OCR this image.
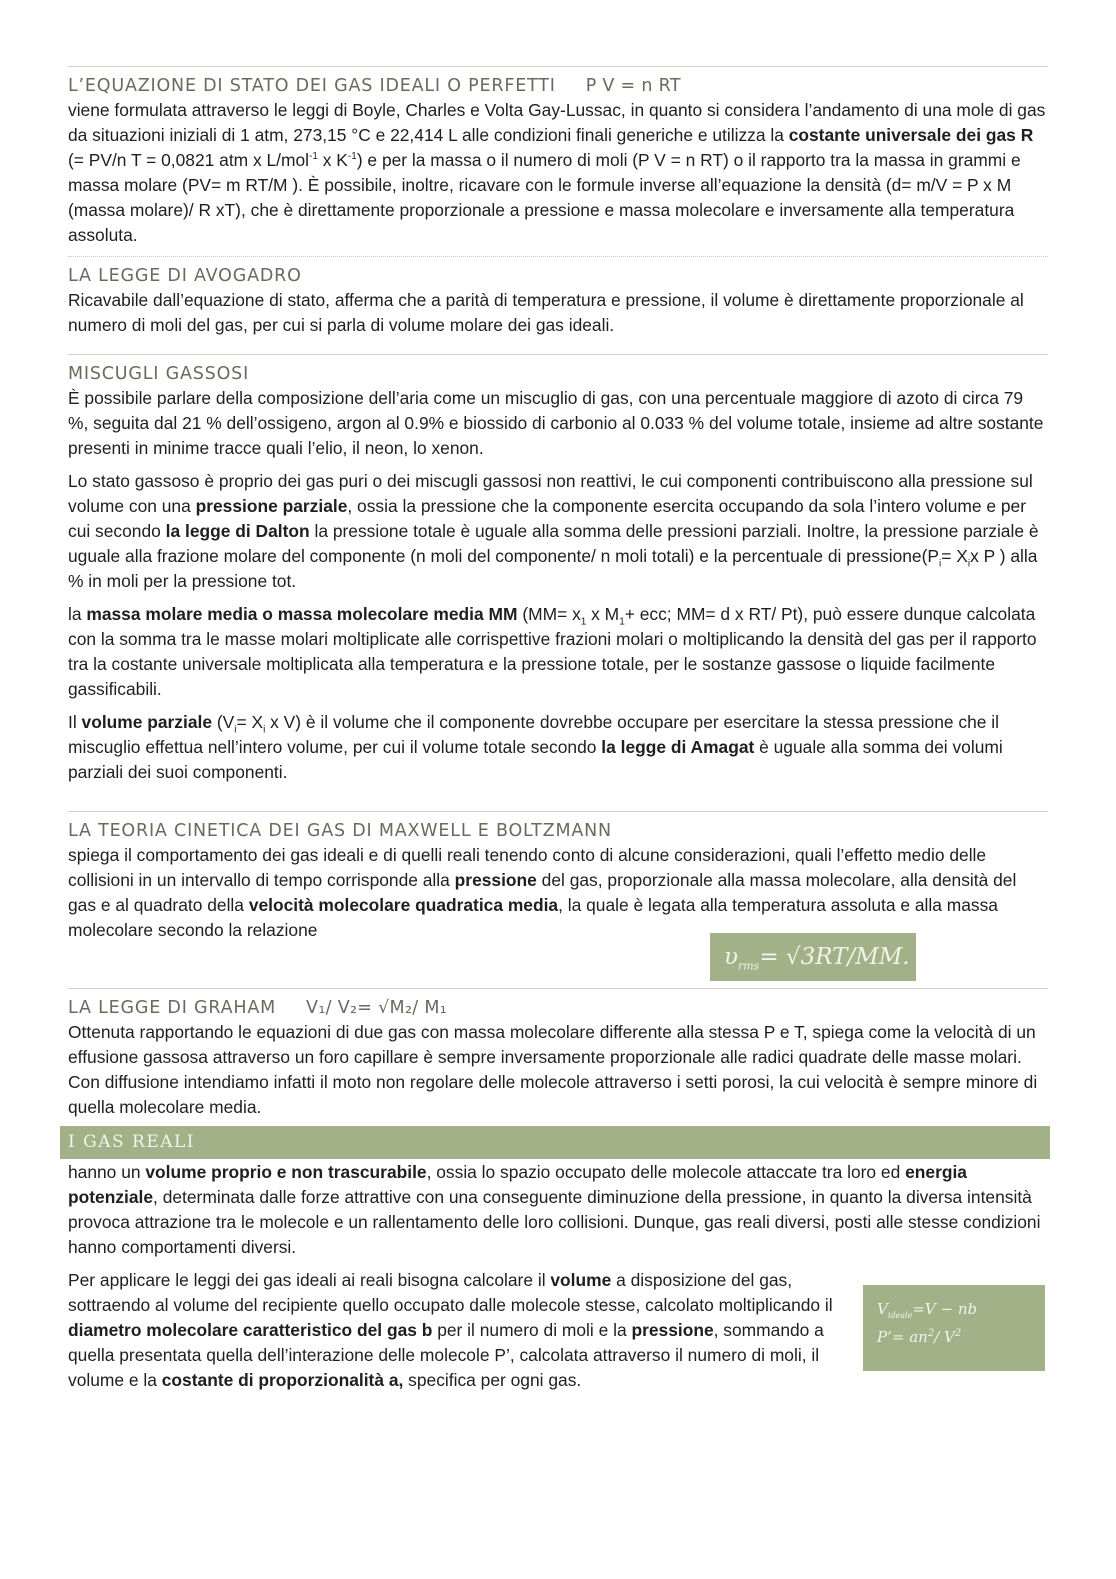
L’EQUAZIONE DI STATO DEI GAS IDEALI O PERFETTI P V = n RT

viene formulata attraverso le leggi di Boyle, Charles e Volta Gay-Lussac, in quanto si considera l’andamento di una mole di gas da situazioni iniziali di 1 atm, 273,15 °C e 22,414 L alle condizioni finali generiche e utilizza la costante universale dei gas R (= PV/n T = 0,0821 atm x L/mol$^{-1}$ x $K^{-1}$) e per la massa o il numero di moli (P V = n RT) o il rapporto tra la massa in grammi e massa molare (PV= m RT/M ). È possibile, inoltre, ricavare con le formule inverse all’equazione la densità (d= m/V = P x M (massa molare)/ R xT), che è direttamente proporzionale a pressione e massa molecolare e inversamente alla temperatura assoluta.

LA LEGGE DI AVOGADRO

Ricavabile dall’equazione di stato, afferma che a parità di temperatura e pressione, il volume è direttamente proporzionale al numero di moli del gas, per cui si parla di volume molare dei gas ideali.

MISCUGLI GASSOSI

È possibile parlare della composizione dell’aria come un miscuglio di gas, con una percentuale maggiore di azoto di circa 79 %, seguita dal 21 % dell’ossigeno, argon al 0.9% e biossido di carbonio al 0.033 % del volume totale, insieme ad altre sostante presenti in minime tracce quali l’elio, il neon, lo xenon.

Lo stato gassoso è proprio dei gas puri o dei miscugli gassosi non reattivi, le cui componenti contribuiscono alla pressione sul volume con una pressione parziale, ossia la pressione che la componente esercita occupando da sola l’intero volume e per cui secondo la legge di Dalton la pressione totale è uguale alla somma delle pressioni parziali. Inoltre, la pressione parziale è uguale alla frazione molare del componente (n moli del componente/ n moli totali) e la percentuale di $pressione(P_i= X_ix$ P ) alla % in moli per la pressione tot.

la massa molare media o massa molecolare media MM ($MM= x_1$ x $M_1+$ ecc; MM= d x RT/ Pt), può essere dunque calcolata con la somma tra le masse molari moltiplicate alle corrispettive frazioni molari o moltiplicando la densità del gas per il rapporto tra la costante universale moltiplicata alla temperatura e la pressione totale, per le sostanze gassose o liquide facilmente gassificabili.

Il volume parziale ($V_i= X_i$ x V) è il volume che il componente dovrebbe occupare per esercitare la stessa pressione che il miscuglio effettua nell’intero volume, per cui il volume totale secondo la legge di Amagat è uguale alla somma dei volumi parziali dei suoi componenti.

LA TEORIA CINETICA DEI GAS DI MAXWELL E BOLTZMANN

spiega il comportamento dei gas ideali e di quelli reali tenendo conto di alcune considerazioni, quali l’effetto medio delle collisioni in un intervallo di tempo corrisponde alla pressione del gas, proporzionale alla massa molecolare, alla densità del gas e al quadrato della velocità molecolare quadratica media, la quale è legata alla temperatura assoluta e alla massa molecolare secondo la relazione

$\upsilon_{rms}= √3RT/MM$.
LA LEGGE DI GRAHAM V₁/ V₂= √M₂/ M₁

Ottenuta rapportando le equazioni di due gas con massa molecolare differente alla stessa P e T, spiega come la velocità di un effusione gassosa attraverso un foro capillare è sempre inversamente proporzionale alle radici quadrate delle masse molari. Con diffusione intendiamo infatti il moto non regolare delle molecole attraverso i setti porosi, la cui velocità è sempre minore di quella molecolare media.

I GAS REALI

hanno un volume proprio e non trascurabile, ossia lo spazio occupato delle molecole attaccate tra loro ed energia potenziale, determinata dalle forze attrattive con una conseguente diminuzione della pressione, in quanto la diversa intensità provoca attrazione tra le molecole e un rallentamento delle loro collisioni. Dunque, gas reali diversi, posti alle stesse condizioni hanno comportamenti diversi.

Per applicare le leggi dei gas ideali ai reali bisogna calcolare il volume a disposizione del gas, sottraendo al volume del recipiente quello occupato dalle molecole stesse, calcolato moltiplicando il diametro molecolare caratteristico del gas b per il numero di moli e la pressione, sommando a quella presentata quella dell’interazione delle molecole P’, calcolata attraverso il numero di moli, il volume e la costante di proporzionalità a, specifica per ogni gas.

$V_{ideale}=V$ − nb
P’= $an^2/$ $V^2$
